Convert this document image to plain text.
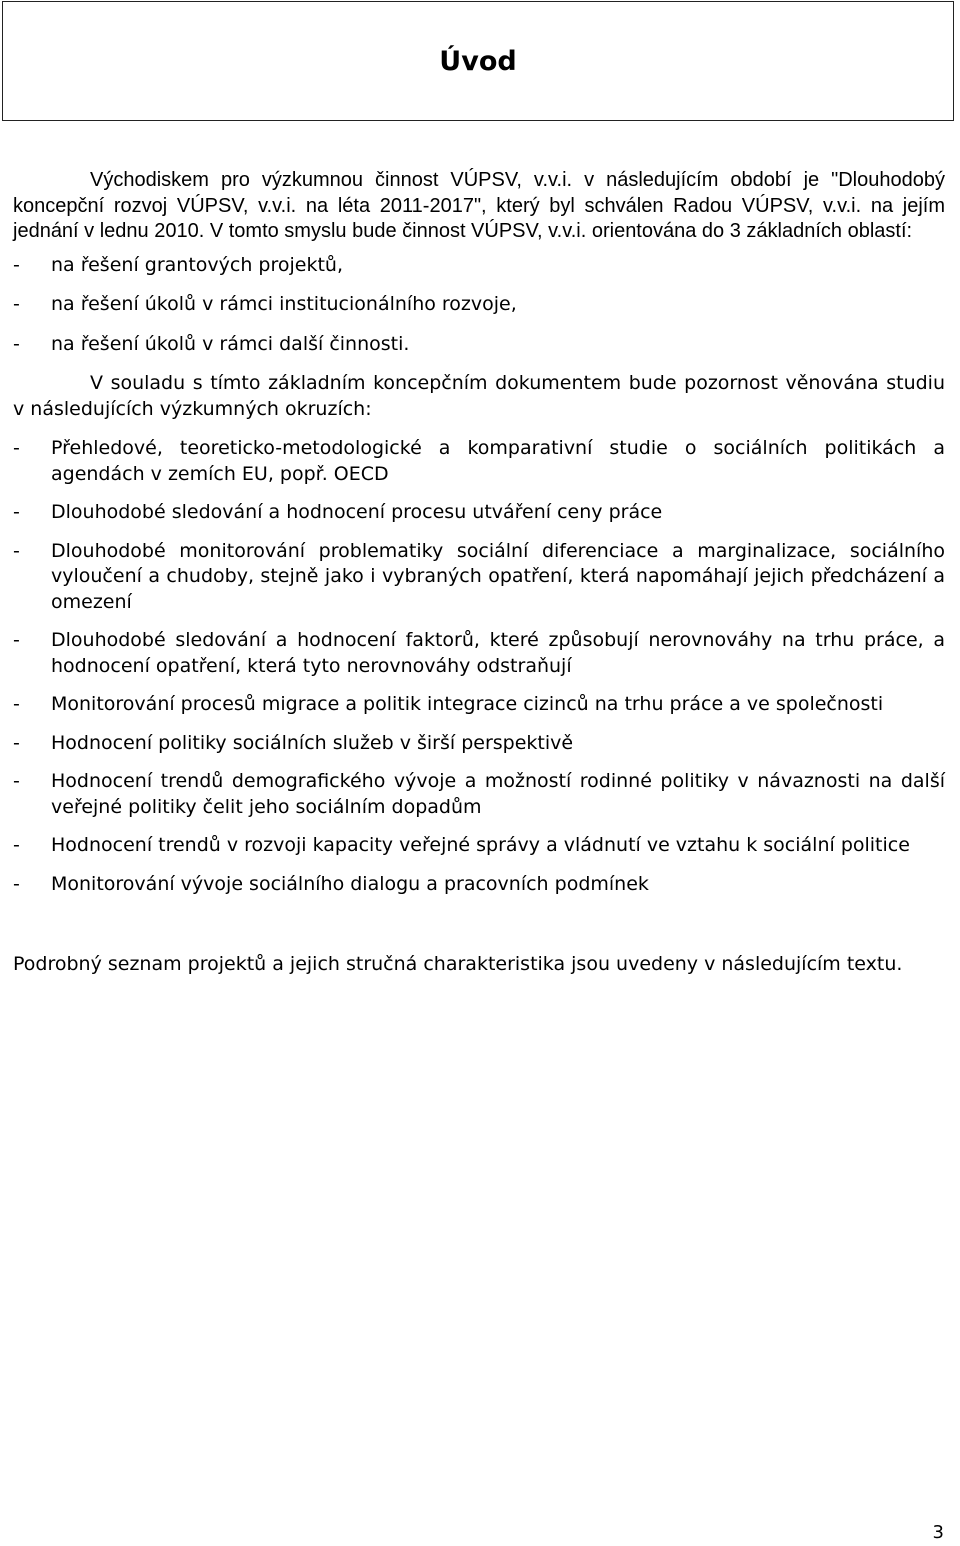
Úvod

Východiskem pro výzkumnou činnost VÚPSV, v.v.i. v následujícím období je "Dlouhodobý koncepční rozvoj VÚPSV, v.v.i. na léta 2011-2017", který byl schválen Radou VÚPSV, v.v.i. na jejím jednání v lednu 2010. V tomto smyslu bude činnost VÚPSV, v.v.i. orientována do 3 základních oblastí:

-	na řešení grantových projektů,
-	na řešení úkolů v rámci institucionálního rozvoje,
-	na řešení úkolů v rámci další činnosti.

V souladu s tímto základním koncepčním dokumentem bude pozornost věnována studiu v následujících výzkumných okruzích:

-	Přehledové, teoreticko-metodologické a komparativní studie o sociálních politikách a agendách v zemích EU, popř. OECD
-	Dlouhodobé sledování a hodnocení procesu utváření ceny práce
-	Dlouhodobé monitorování problematiky sociální diferenciace a marginalizace, sociálního vyloučení a chudoby, stejně jako i vybraných opatření, která napomáhají jejich předcházení a omezení
-	Dlouhodobé sledování a hodnocení faktorů, které způsobují nerovnováhy na trhu práce, a hodnocení opatření, která tyto nerovnováhy odstraňují
-	Monitorování procesů migrace a politik integrace cizinců na trhu práce a ve společnosti
-	Hodnocení politiky sociálních služeb v širší perspektivě
-	Hodnocení trendů demografického vývoje a možností rodinné politiky v návaznosti na další veřejné politiky čelit jeho sociálním dopadům
-	Hodnocení trendů v rozvoji kapacity veřejné správy a vládnutí ve vztahu k sociální politice
-	Monitorování vývoje sociálního dialogu a pracovních podmínek

Podrobný seznam projektů a jejich stručná charakteristika jsou uvedeny v následujícím textu.

3
